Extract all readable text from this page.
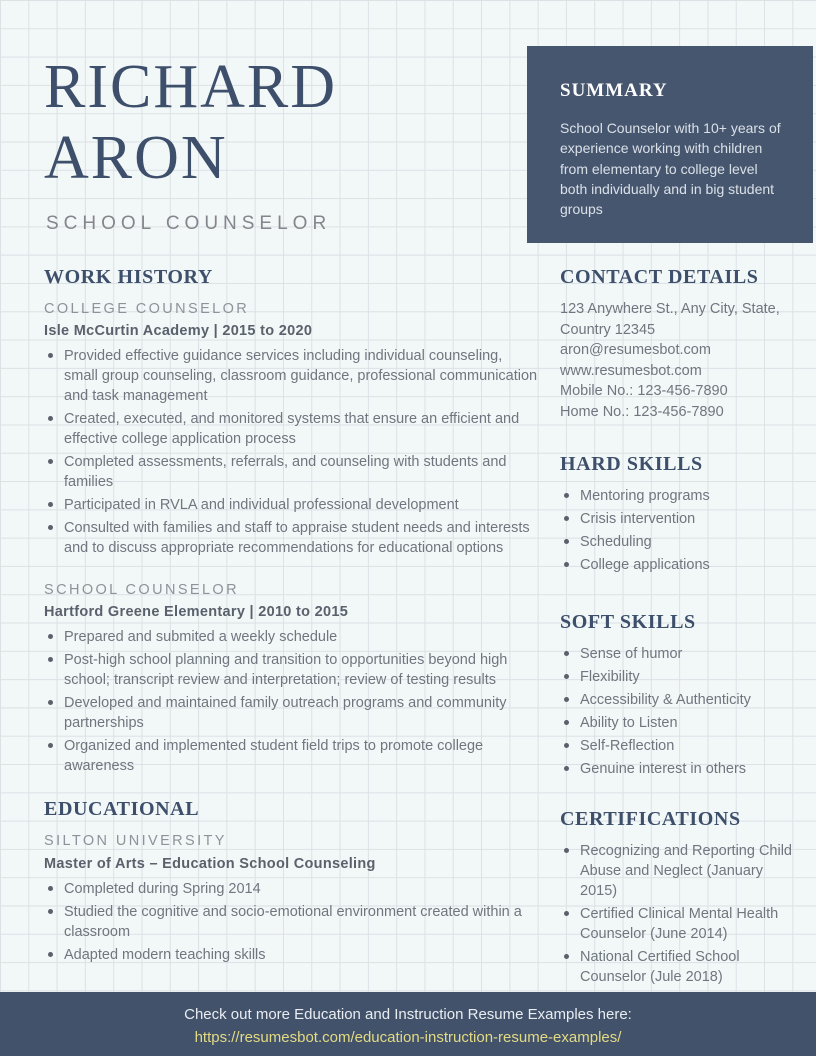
RICHARD
ARON
SCHOOL COUNSELOR
SUMMARY

School Counselor with 10+ years of experience working with children from elementary to college level both individually and in big student groups

WORK HISTORY
COLLEGE COUNSELOR
Isle McCurtin Academy | 2015 to 2020
Provided effective guidance services including individual counseling, small group counseling, classroom guidance, professional communication and task management
Created, executed, and monitored systems that ensure an efficient and effective college application process
Completed assessments, referrals, and counseling with students and families
Participated in RVLA and individual professional development
Consulted with families and staff to appraise student needs and interests and to discuss appropriate recommendations for educational options
SCHOOL COUNSELOR
Hartford Greene Elementary | 2010 to 2015
Prepared and submited a weekly schedule
Post-high school planning and transition to opportunities beyond high school; transcript review and interpretation; review of testing results
Developed and maintained family outreach programs and community partnerships
Organized and implemented student field trips to promote college awareness
EDUCATIONAL
SILTON UNIVERSITY
Master of Arts – Education School Counseling
Completed during Spring 2014
Studied the cognitive and socio-emotional environment created within a classroom
Adapted modern teaching skills
CONTACT DETAILS
123 Anywhere St., Any City, State, Country 12345
aron@resumesbot.com
www.resumesbot.com
Mobile No.: 123-456-7890
Home No.: 123-456-7890
HARD SKILLS
Mentoring programs
Crisis intervention
Scheduling
College applications
SOFT SKILLS
Sense of humor
Flexibility
Accessibility & Authenticity
Ability to Listen
Self-Reflection
Genuine interest in others
CERTIFICATIONS
Recognizing and Reporting Child Abuse and Neglect (January 2015)
Certified Clinical Mental Health Counselor (June 2014)
National Certified School Counselor (Jule 2018)
Check out more Education and Instruction Resume Examples here:
https://resumesbot.com/education-instruction-resume-examples/
